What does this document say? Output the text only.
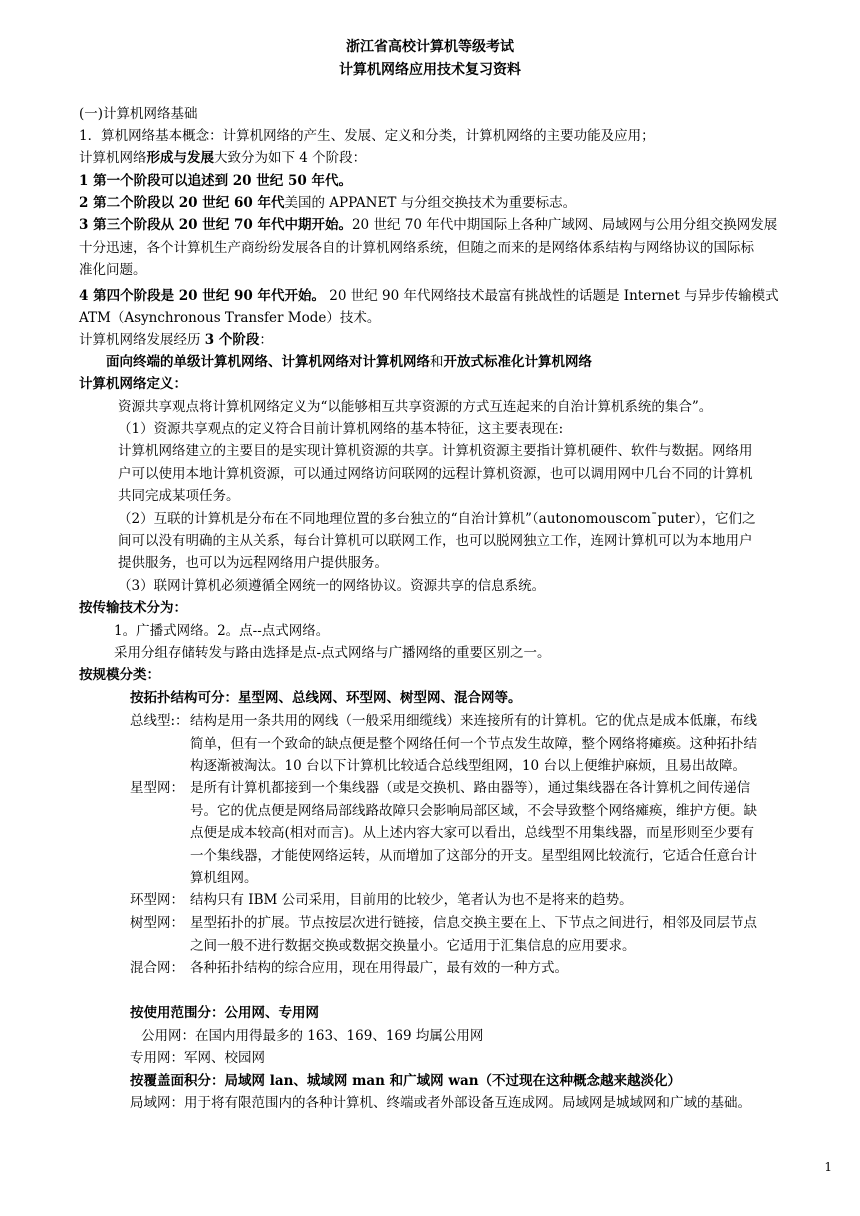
浙江省高校计算机等级考试
计算机网络应用技术复习资料
(一)计算机网络基础
1．算机网络基本概念：计算机网络的产生、发展、定义和分类，计算机网络的主要功能及应用；
计算机网络形成与发展大致分为如下 4 个阶段：
1 第一个阶段可以追述到 20 世纪 50 年代。
2 第二个阶段以 20 世纪 60 年代美国的 APPANET 与分组交换技术为重要标志。
3 第三个阶段从 20 世纪 70 年代中期开始。20 世纪 70 年代中期国际上各种广域网、局域网与公用分组交换网发展
十分迅速，各个计算机生产商纷纷发展各自的计算机网络系统，但随之而来的是网络体系结构与网络协议的国际标
准化问题。
4 第四个阶段是 20 世纪 90 年代开始。 20 世纪 90 年代网络技术最富有挑战性的话题是 Internet 与异步传输模式
ATM（Asynchronous Transfer Mode）技术。
计算机网络发展经历 3 个阶段：
面向终端的单级计算机网络、计算机网络对计算机网络和开放式标准化计算机网络
计算机网络定义：
资源共享观点将计算机网络定义为“以能够相互共享资源的方式互连起来的自治计算机系统的集合”。
（1）资源共享观点的定义符合目前计算机网络的基本特征，这主要表现在:
计算机网络建立的主要目的是实现计算机资源的共享。计算机资源主要指计算机硬件、软件与数据。网络用
户可以使用本地计算机资源，可以通过网络访问联网的远程计算机资源，也可以调用网中几台不同的计算机
共同完成某项任务。
（2）互联的计算机是分布在不同地理位置的多台独立的“自治计算机”（autonomouscom¯puter），它们之
间可以没有明确的主从关系，每台计算机可以联网工作，也可以脱网独立工作，连网计算机可以为本地用户
提供服务，也可以为远程网络用户提供服务。
（3）联网计算机必须遵循全网统一的网络协议。资源共享的信息系统。
按传输技术分为：
1。广播式网络。2。点--点式网络。
采用分组存储转发与路由选择是点-点式网络与广播网络的重要区别之一。
按规模分类：
按拓扑结构可分：星型网、总线网、环型网、树型网、混合网等。
总线型:： 结构是用一条共用的网线（一般采用细缆线）来连接所有的计算机。它的优点是成本低廉，布线
简单，但有一个致命的缺点便是整个网络任何一个节点发生故障，整个网络将瘫痪。这种拓扑结
构逐渐被淘汰。10 台以下计算机比较适合总线型组网，10 台以上便维护麻烦，且易出故障。
星型网： 是所有计算机都接到一个集线器（或是交换机、路由器等），通过集线器在各计算机之间传递信
号。它的优点便是网络局部线路故障只会影响局部区域，不会导致整个网络瘫痪，维护方便。缺
点便是成本较高(相对而言)。从上述内容大家可以看出，总线型不用集线器，而星形则至少要有
一个集线器，才能使网络运转，从而增加了这部分的开支。星型组网比较流行，它适合任意台计
算机组网。
环型网： 结构只有 IBM 公司采用，目前用的比较少，笔者认为也不是将来的趋势。
树型网： 星型拓扑的扩展。节点按层次进行链接，信息交换主要在上、下节点之间进行，相邻及同层节点
之间一般不进行数据交换或数据交换量小。它适用于汇集信息的应用要求。
混合网： 各种拓扑结构的综合应用，现在用得最广，最有效的一种方式。
按使用范围分：公用网、专用网
公用网：在国内用得最多的 163、169、169 均属公用网
专用网：军网、校园网
按覆盖面积分：局域网 lan、城域网 man 和广域网 wan（不过现在这种概念越来越淡化）
局域网：用于将有限范围内的各种计算机、终端或者外部设备互连成网。局域网是城域网和广域的基础。
1
